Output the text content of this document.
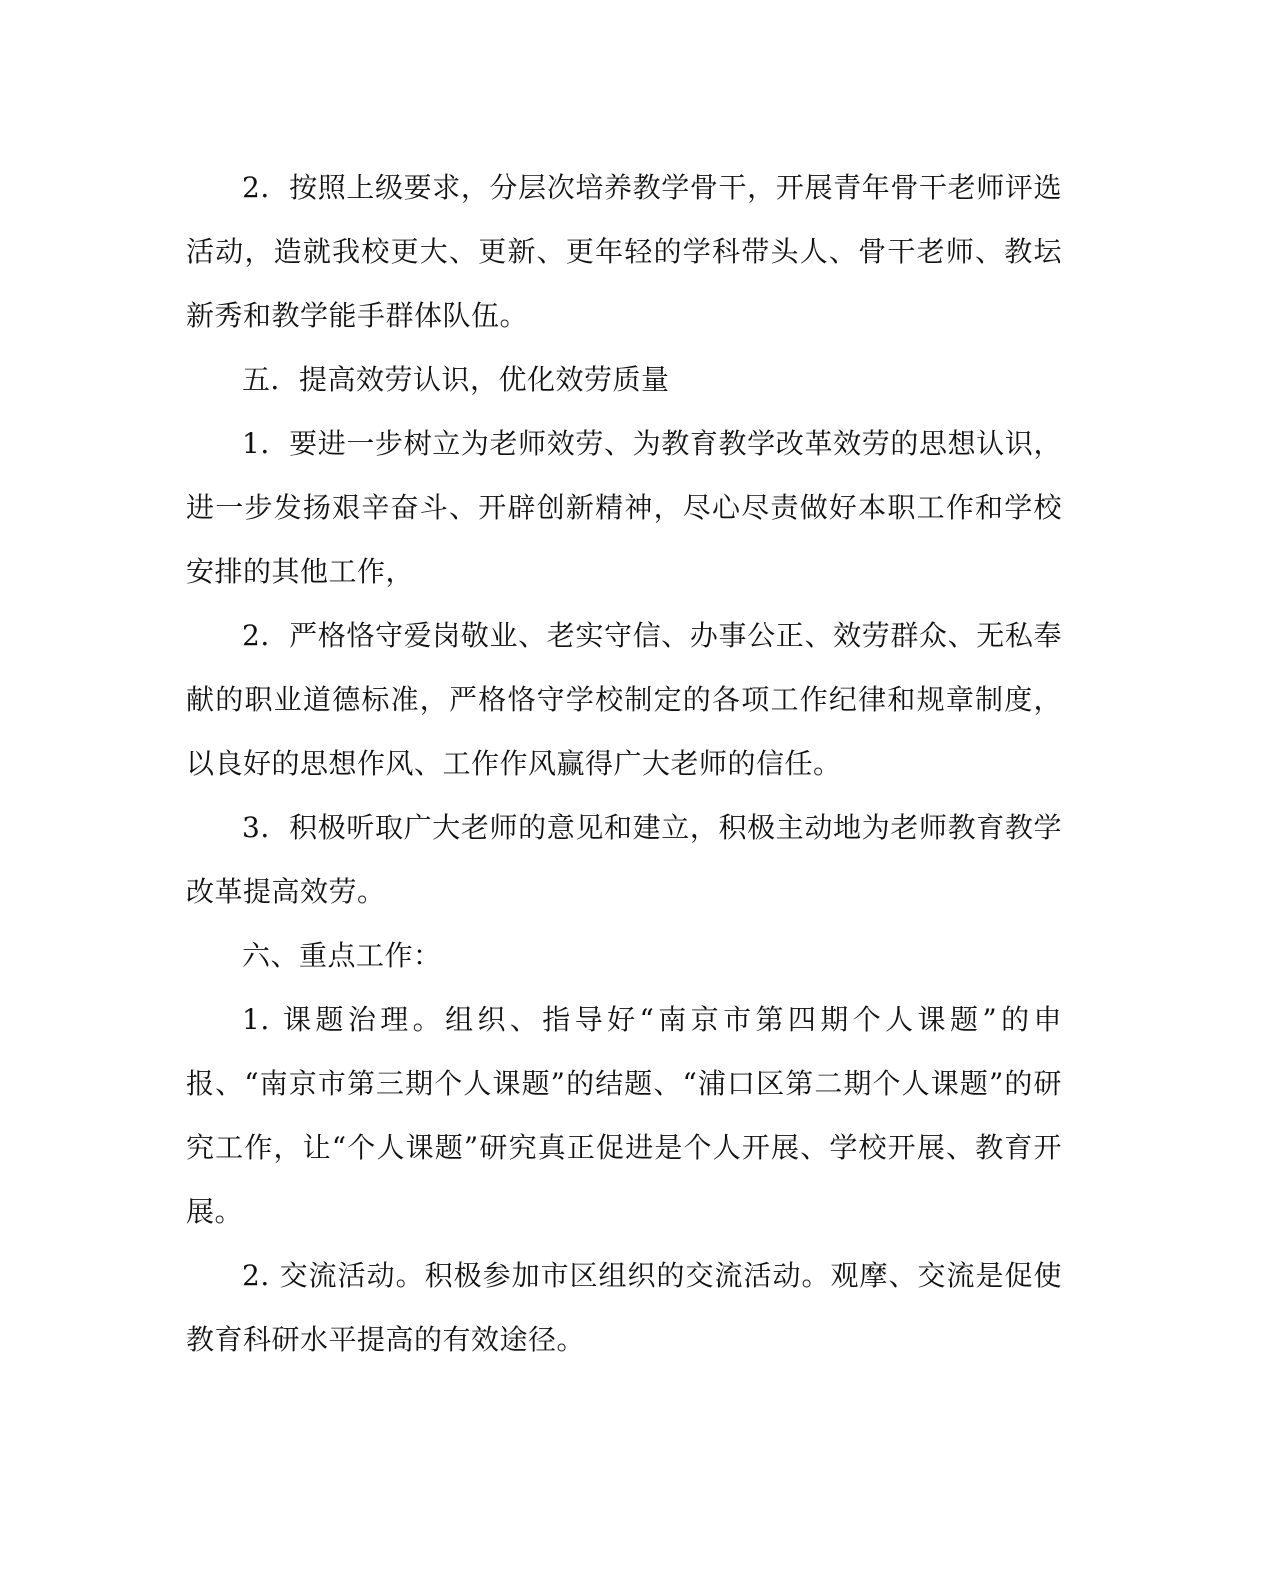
2．按照上级要求，分层次培养教学骨干，开展青年骨干老师评选活动，造就我校更大、更新、更年轻的学科带头人、骨干老师、教坛新秀和教学能手群体队伍。

五．提高效劳认识，优化效劳质量

1．要进一步树立为老师效劳、为教育教学改革效劳的思想认识，进一步发扬艰辛奋斗、开辟创新精神，尽心尽责做好本职工作和学校安排的其他工作，

2．严格恪守爱岗敬业、老实守信、办事公正、效劳群众、无私奉献的职业道德标准，严格恪守学校制定的各项工作纪律和规章制度，以良好的思想作风、工作作风赢得广大老师的信任。

3．积极听取广大老师的意见和建立，积极主动地为老师教育教学改革提高效劳。

六、重点工作：

1. 课题治理。组织、指导好“南京市第四期个人课题”的申报、“南京市第三期个人课题”的结题、“浦口区第二期个人课题”的研究工作，让“个人课题”研究真正促进是个人开展、学校开展、教育开展。

2. 交流活动。积极参加市区组织的交流活动。观摩、交流是促使教育科研水平提高的有效途径。
